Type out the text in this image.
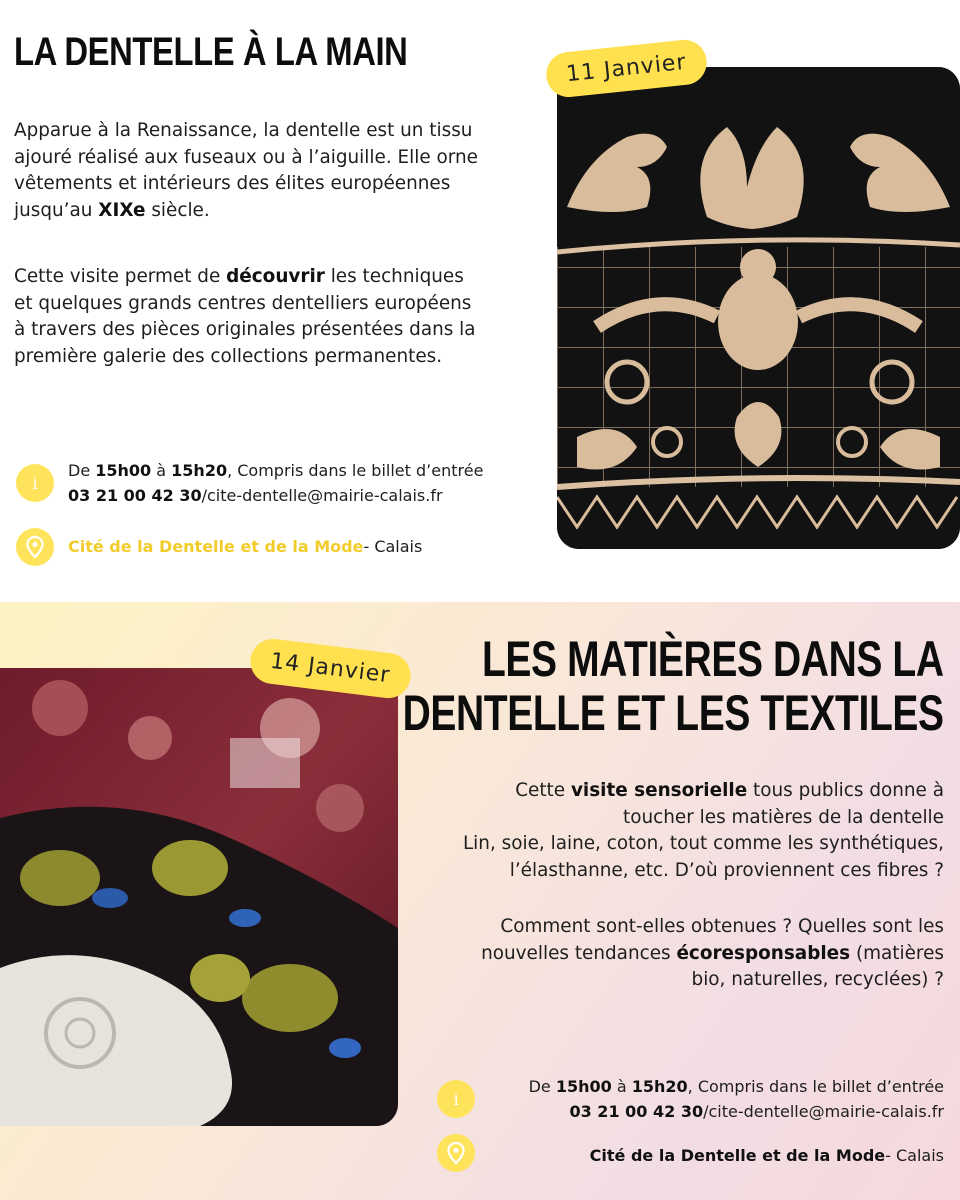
LA DENTELLE À LA MAIN
Apparue à la Renaissance, la dentelle est un tissu
ajouré réalisé aux fuseaux ou à l’aiguille. Elle orne
vêtements et intérieurs des élites européennes
jusqu’au XIXe siècle.
Cette visite permet de découvrir les techniques
et quelques grands centres dentelliers européens
à travers des pièces originales présentées dans la
première galerie des collections permanentes.
i
De 15h00 à 15h20, Compris dans le billet d’entrée
03 21 00 42 30/cite-dentelle@mairie-calais.fr
Cité de la Dentelle et de la Mode- Calais
11 Janvier
LES MATIÈRES DANS LA
DENTELLE ET LES TEXTILES
Cette visite sensorielle tous publics donne à
toucher les matières de la dentelle
Lin, soie, laine, coton, tout comme les synthétiques,
l’élasthanne, etc. D’où proviennent ces fibres ?
Comment sont-elles obtenues ? Quelles sont les
nouvelles tendances écoresponsables (matières
bio, naturelles, recyclées) ?
i
De 15h00 à 15h20, Compris dans le billet d’entrée
03 21 00 42 30/cite-dentelle@mairie-calais.fr
Cité de la Dentelle et de la Mode- Calais
14 Janvier
